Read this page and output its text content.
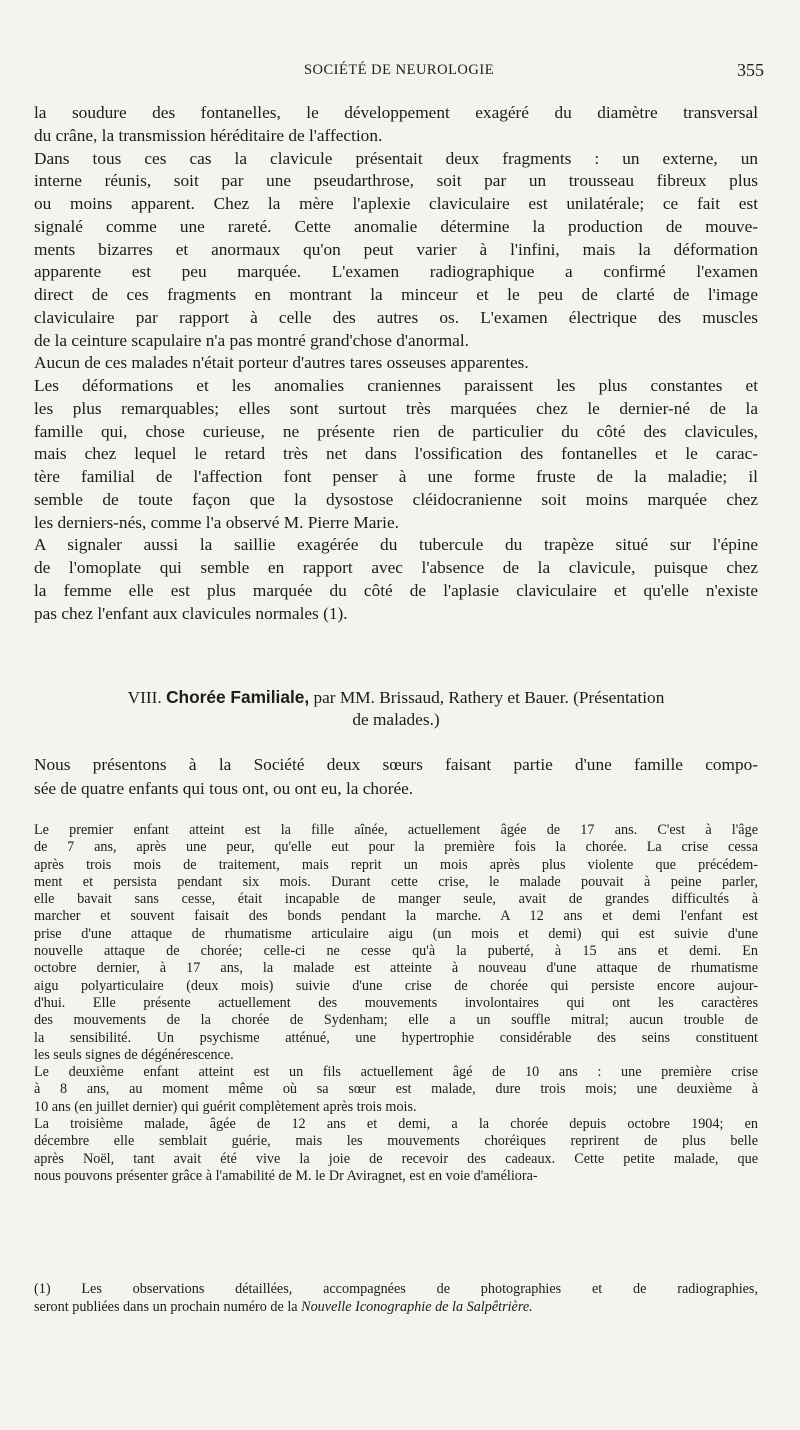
SOCIÉTÉ DE NEUROLOGIE	355
la soudure des fontanelles, le développement exagéré du diamètre transversal
du crâne, la transmission héréditaire de l'affection.
Dans tous ces cas la clavicule présentait deux fragments : un externe, un
interne réunis, soit par une pseudarthrose, soit par un trousseau fibreux plus
ou moins apparent. Chez la mère l'aplexie claviculaire est unilatérale; ce fait est
signalé comme une rareté. Cette anomalie détermine la production de mouve-
ments bizarres et anormaux qu'on peut varier à l'infini, mais la déformation
apparente est peu marquée. L'examen radiographique a confirmé l'examen
direct de ces fragments en montrant la minceur et le peu de clarté de l'image
claviculaire par rapport à celle des autres os. L'examen électrique des muscles
de la ceinture scapulaire n'a pas montré grand'chose d'anormal.
Aucun de ces malades n'était porteur d'autres tares osseuses apparentes.
Les déformations et les anomalies craniennes paraissent les plus constantes et
les plus remarquables; elles sont surtout très marquées chez le dernier-né de la
famille qui, chose curieuse, ne présente rien de particulier du côté des clavicules,
mais chez lequel le retard très net dans l'ossification des fontanelles et le carac-
tère familial de l'affection font penser à une forme fruste de la maladie; il
semble de toute façon que la dysostose cléidocranienne soit moins marquée chez
les derniers-nés, comme l'a observé M. Pierre Marie.
A signaler aussi la saillie exagérée du tubercule du trapèze situé sur l'épine
de l'omoplate qui semble en rapport avec l'absence de la clavicule, puisque chez
la femme elle est plus marquée du côté de l'aplasie claviculaire et qu'elle n'existe
pas chez l'enfant aux clavicules normales (1).
VIII. Chorée Familiale, par MM. Brissaud, Rathery et Bauer. (Présentation
de malades.)
Nous présentons à la Société deux sœurs faisant partie d'une famille compo-
sée de quatre enfants qui tous ont, ou ont eu, la chorée.
Le premier enfant atteint est la fille aînée, actuellement âgée de 17 ans. C'est à l'âge
de 7 ans, après une peur, qu'elle eut pour la première fois la chorée. La crise cessa
après trois mois de traitement, mais reprit un mois après plus violente que précédem-
ment et persista pendant six mois. Durant cette crise, le malade pouvait à peine parler,
elle bavait sans cesse, était incapable de manger seule, avait de grandes difficultés à
marcher et souvent faisait des bonds pendant la marche. A 12 ans et demi l'enfant est
prise d'une attaque de rhumatisme articulaire aigu (un mois et demi) qui est suivie d'une
nouvelle attaque de chorée; celle-ci ne cesse qu'à la puberté, à 15 ans et demi. En
octobre dernier, à 17 ans, la malade est atteinte à nouveau d'une attaque de rhumatisme
aigu polyarticulaire (deux mois) suivie d'une crise de chorée qui persiste encore aujour-
d'hui. Elle présente actuellement des mouvements involontaires qui ont les caractères
des mouvements de la chorée de Sydenham; elle a un souffle mitral; aucun trouble de
la sensibilité. Un psychisme atténué, une hypertrophie considérable des seins constituent
les seuls signes de dégénérescence.
Le deuxième enfant atteint est un fils actuellement âgé de 10 ans : une première crise
à 8 ans, au moment même où sa sœur est malade, dure trois mois; une deuxième à
10 ans (en juillet dernier) qui guérit complètement après trois mois.
La troisième malade, âgée de 12 ans et demi, a la chorée depuis octobre 1904; en
décembre elle semblait guérie, mais les mouvements choréiques reprirent de plus belle
après Noël, tant avait été vive la joie de recevoir des cadeaux. Cette petite malade, que
nous pouvons présenter grâce à l'amabilité de M. le Dr Aviragnet, est en voie d'améliora-
(1) Les observations détaillées, accompagnées de photographies et de radiographies,
seront publiées dans un prochain numéro de la Nouvelle Iconographie de la Salpêtrière.
